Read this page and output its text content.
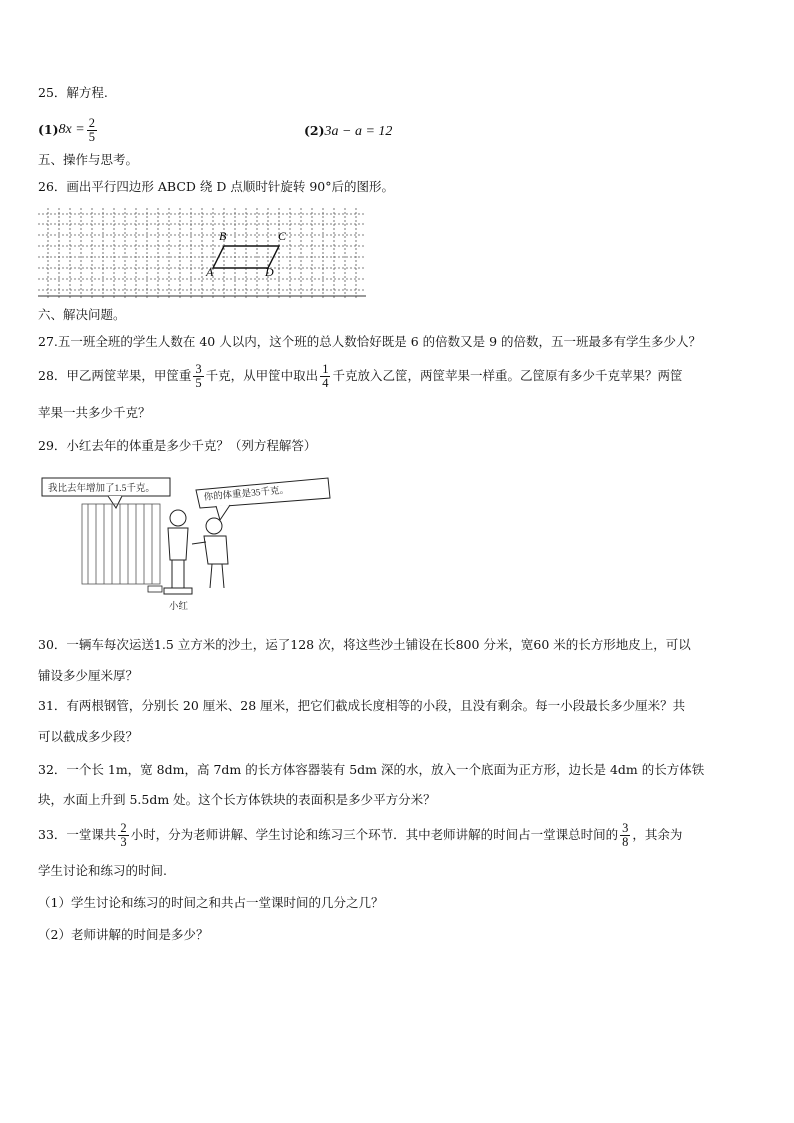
25．解方程.
(1) $8x = \frac{2}{5}$	(2)3a − a = 12
五、操作与思考。
26．画出平行四边形 ABCD 绕 D 点顺时针旋转 90°后的图形。
B	C
A	D
六、解决问题。
27.五一班全班的学生人数在 40 人以内，这个班的总人数恰好既是 6 的倍数又是 9 的倍数，五一班最多有学生多少人？
28．甲乙两筐苹果，甲筐重 $\frac{3}{5}$ 千克，从甲筐中取出 $\frac{1}{4}$ 千克放入乙筐，两筐苹果一样重。乙筐原有多少千克苹果？两筐
苹果一共多少千克？
29．小红去年的体重是多少千克？（列方程解答）
我比去年增加了1.5千克。	你的体重是35千克。
小红
30．一辆车每次运送1.5 立方米的沙土，运了128 次，将这些沙土铺设在长800 分米，宽60 米的长方形地皮上，可以
铺设多少厘米厚？
31．有两根钢管，分别长 20 厘米、28 厘米，把它们截成长度相等的小段，且没有剩余。每一小段最长多少厘米？共
可以截成多少段？
32．一个长 1m，宽 8dm，高 7dm 的长方体容器装有 5dm 深的水，放入一个底面为正方形，边长是 4dm 的长方体铁
块，水面上升到 5.5dm 处。这个长方体铁块的表面积是多少平方分米？
33．一堂课共 $\frac{2}{3}$ 小时，分为老师讲解、学生讨论和练习三个环节．其中老师讲解的时间占一堂课总时间的 $\frac{3}{8}$ ，其余为
学生讨论和练习的时间.
（1）学生讨论和练习的时间之和共占一堂课时间的几分之几？
（2）老师讲解的时间是多少？
